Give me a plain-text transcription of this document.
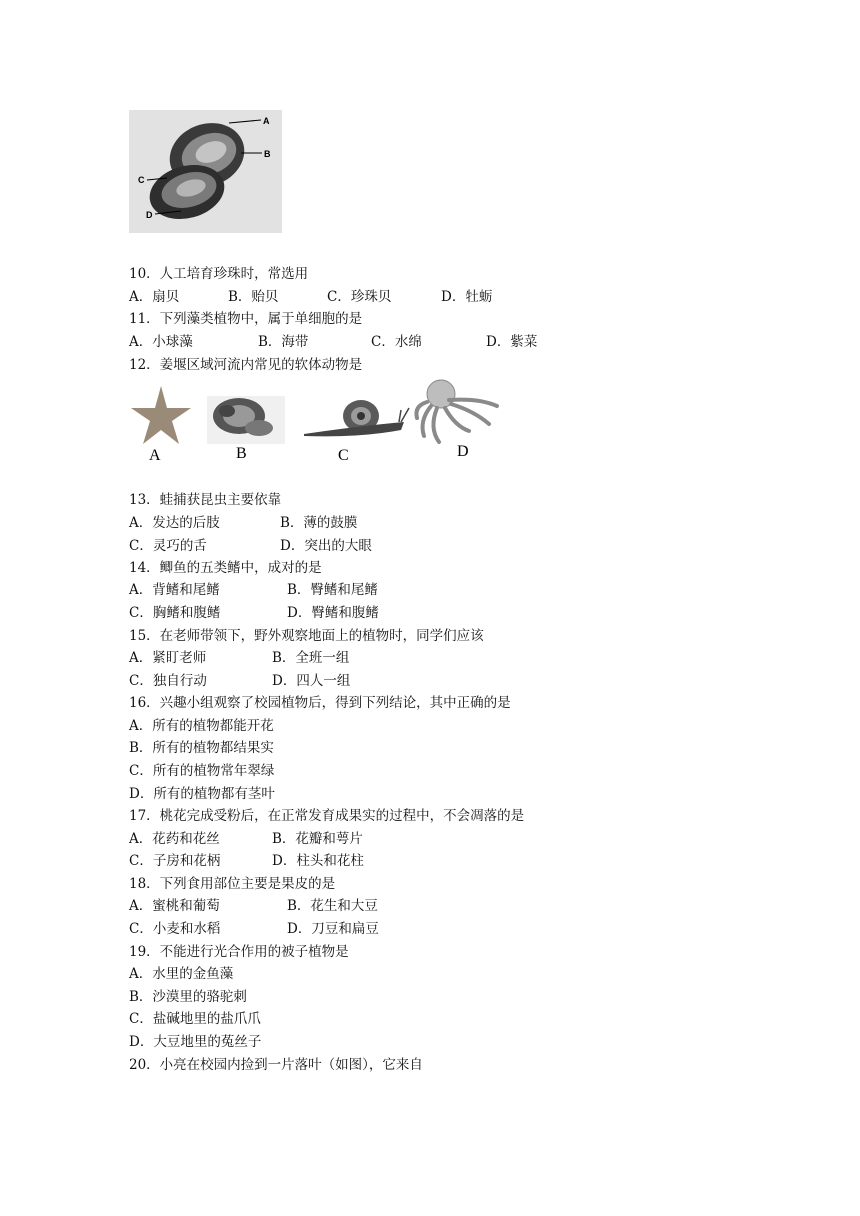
A
B
C
D
10．人工培育珍珠时，常选用
A．扇贝	B．贻贝	C．珍珠贝	D．牡蛎
11．下列藻类植物中，属于单细胞的是
A．小球藻	B．海带	C．水绵	D．紫菜
12．姜堰区域河流内常见的软体动物是
A	B	C	D
13．蛙捕获昆虫主要依靠
A．发达的后肢	B．薄的鼓膜
C．灵巧的舌	D．突出的大眼
14．鲫鱼的五类鳍中，成对的是
A．背鳍和尾鳍	B．臀鳍和尾鳍
C．胸鳍和腹鳍	D．臀鳍和腹鳍
15．在老师带领下，野外观察地面上的植物时，同学们应该
A．紧盯老师	B．全班一组
C．独自行动	D．四人一组
16．兴趣小组观察了校园植物后，得到下列结论，其中正确的是
A．所有的植物都能开花
B．所有的植物都结果实
C．所有的植物常年翠绿
D．所有的植物都有茎叶
17．桃花完成受粉后，在正常发育成果实的过程中，不会凋落的是
A．花药和花丝	B．花瓣和萼片
C．子房和花柄	D．柱头和花柱
18．下列食用部位主要是果皮的是
A．蜜桃和葡萄	B．花生和大豆
C．小麦和水稻	D．刀豆和扁豆
19．不能进行光合作用的被子植物是
A．水里的金鱼藻
B．沙漠里的骆驼刺
C．盐碱地里的盐爪爪
D．大豆地里的菟丝子
20．小亮在校园内捡到一片落叶（如图），它来自
